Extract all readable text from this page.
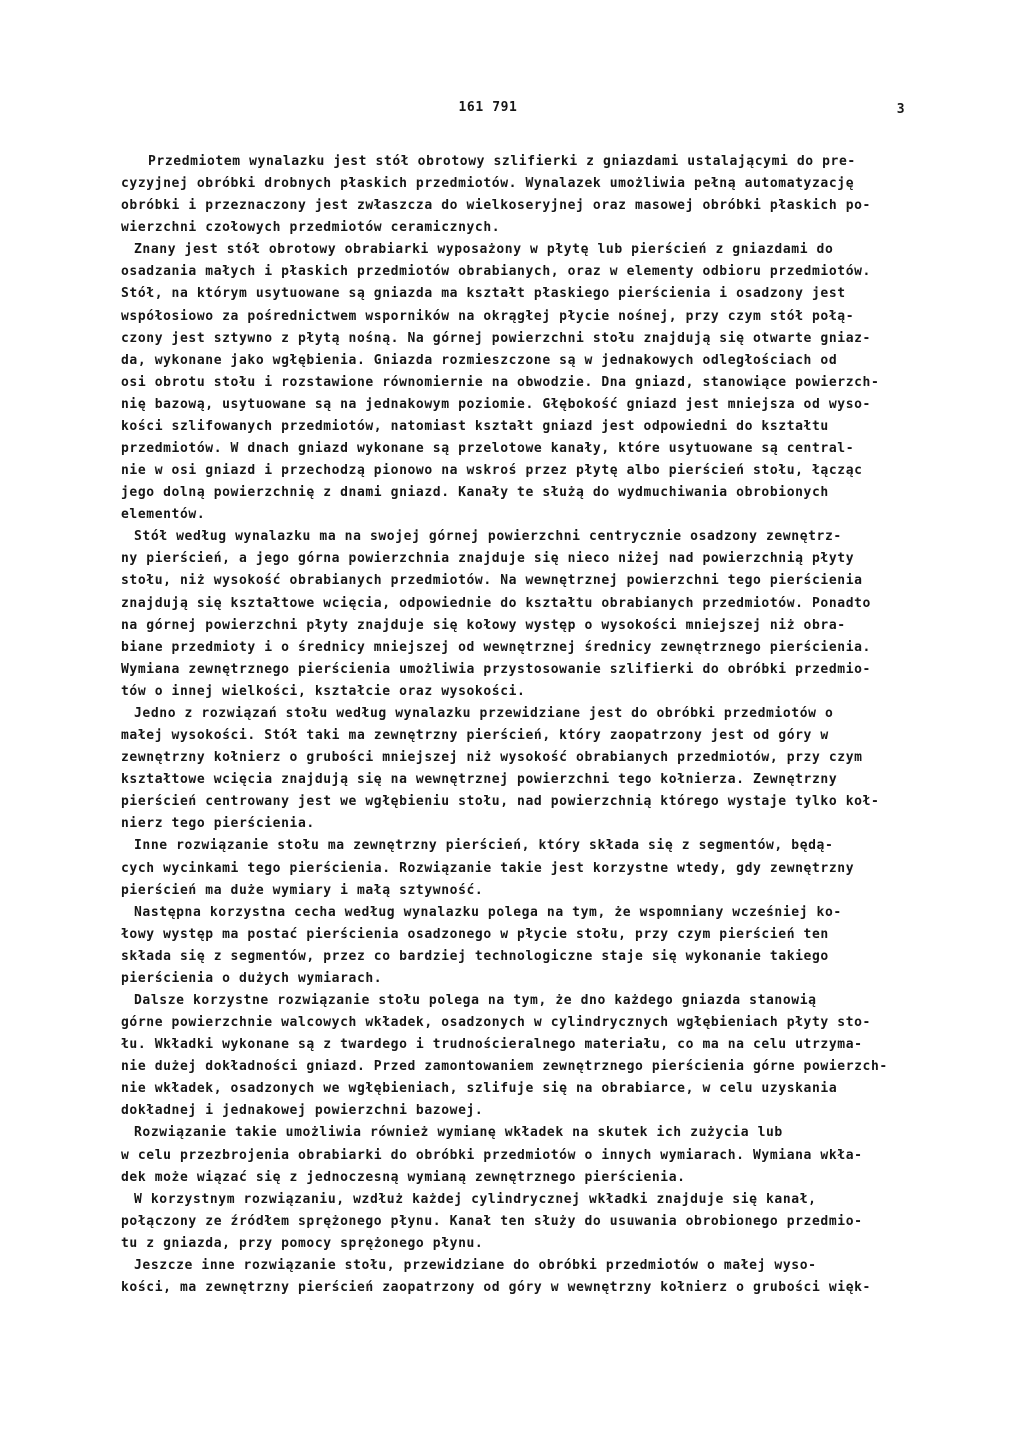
161 791	3
Przedmiotem wynalazku jest stół obrotowy szlifierki z gniazdami ustalającymi do pre-
cyzyjnej obróbki drobnych płaskich przedmiotów. Wynalazek umożliwia pełną automatyzację
obróbki i przeznaczony jest zwłaszcza do wielkoseryjnej oraz masowej obróbki płaskich po-
wierzchni czołowych przedmiotów ceramicznych.
Znany jest stół obrotowy obrabiarki wyposażony w płytę lub pierścień z gniazdami do
osadzania małych i płaskich przedmiotów obrabianych, oraz w elementy odbioru przedmiotów.
Stół, na którym usytuowane są gniazda ma kształt płaskiego pierścienia i osadzony jest
współosiowo za pośrednictwem wsporników na okrągłej płycie nośnej, przy czym stół połą-
czony jest sztywno z płytą nośną. Na górnej powierzchni stołu znajdują się otwarte gniaz-
da, wykonane jako wgłębienia. Gniazda rozmieszczone są w jednakowych odległościach od
osi obrotu stołu i rozstawione równomiernie na obwodzie. Dna gniazd, stanowiące powierzch-
nię bazową, usytuowane są na jednakowym poziomie. Głębokość gniazd jest mniejsza od wyso-
kości szlifowanych przedmiotów, natomiast kształt gniazd jest odpowiedni do kształtu
przedmiotów. W dnach gniazd wykonane są przelotowe kanały, które usytuowane są central-
nie w osi gniazd i przechodzą pionowo na wskroś przez płytę albo pierścień stołu, łącząc
jego dolną powierzchnię z dnami gniazd. Kanały te służą do wydmuchiwania obrobionych
elementów.
Stół według wynalazku ma na swojej górnej powierzchni centrycznie osadzony zewnętrz-
ny pierścień, a jego górna powierzchnia znajduje się nieco niżej nad powierzchnią płyty
stołu, niż wysokość obrabianych przedmiotów. Na wewnętrznej powierzchni tego pierścienia
znajdują się kształtowe wcięcia, odpowiednie do kształtu obrabianych przedmiotów. Ponadto
na górnej powierzchni płyty znajduje się kołowy występ o wysokości mniejszej niż obra-
biane przedmioty i o średnicy mniejszej od wewnętrznej średnicy zewnętrznego pierścienia.
Wymiana zewnętrznego pierścienia umożliwia przystosowanie szlifierki do obróbki przedmio-
tów o innej wielkości, kształcie oraz wysokości.
Jedno z rozwiązań stołu według wynalazku przewidziane jest do obróbki przedmiotów o
małej wysokości. Stół taki ma zewnętrzny pierścień, który zaopatrzony jest od góry w
zewnętrzny kołnierz o grubości mniejszej niż wysokość obrabianych przedmiotów, przy czym
kształtowe wcięcia znajdują się na wewnętrznej powierzchni tego kołnierza. Zewnętrzny
pierścień centrowany jest we wgłębieniu stołu, nad powierzchnią którego wystaje tylko koł-
nierz tego pierścienia.
Inne rozwiązanie stołu ma zewnętrzny pierścień, który składa się z segmentów, będą-
cych wycinkami tego pierścienia. Rozwiązanie takie jest korzystne wtedy, gdy zewnętrzny
pierścień ma duże wymiary i małą sztywność.
Następna korzystna cecha według wynalazku polega na tym, że wspomniany wcześniej ko-
łowy występ ma postać pierścienia osadzonego w płycie stołu, przy czym pierścień ten
składa się z segmentów, przez co bardziej technologiczne staje się wykonanie takiego
pierścienia o dużych wymiarach.
Dalsze korzystne rozwiązanie stołu polega na tym, że dno każdego gniazda stanowią
górne powierzchnie walcowych wkładek, osadzonych w cylindrycznych wgłębieniach płyty sto-
łu. Wkładki wykonane są z twardego i trudnościeralnego materiału, co ma na celu utrzyma-
nie dużej dokładności gniazd. Przed zamontowaniem zewnętrznego pierścienia górne powierzch-
nie wkładek, osadzonych we wgłębieniach, szlifuje się na obrabiarce, w celu uzyskania
dokładnej i jednakowej powierzchni bazowej.
Rozwiązanie takie umożliwia również wymianę wkładek na skutek ich zużycia lub
w celu przezbrojenia obrabiarki do obróbki przedmiotów o innych wymiarach. Wymiana wkła-
dek może wiązać się z jednoczesną wymianą zewnętrznego pierścienia.
W korzystnym rozwiązaniu, wzdłuż każdej cylindrycznej wkładki znajduje się kanał,
połączony ze źródłem sprężonego płynu. Kanał ten służy do usuwania obrobionego przedmio-
tu z gniazda, przy pomocy sprężonego płynu.
Jeszcze inne rozwiązanie stołu, przewidziane do obróbki przedmiotów o małej wyso-
kości, ma zewnętrzny pierścień zaopatrzony od góry w wewnętrzny kołnierz o grubości więk-
